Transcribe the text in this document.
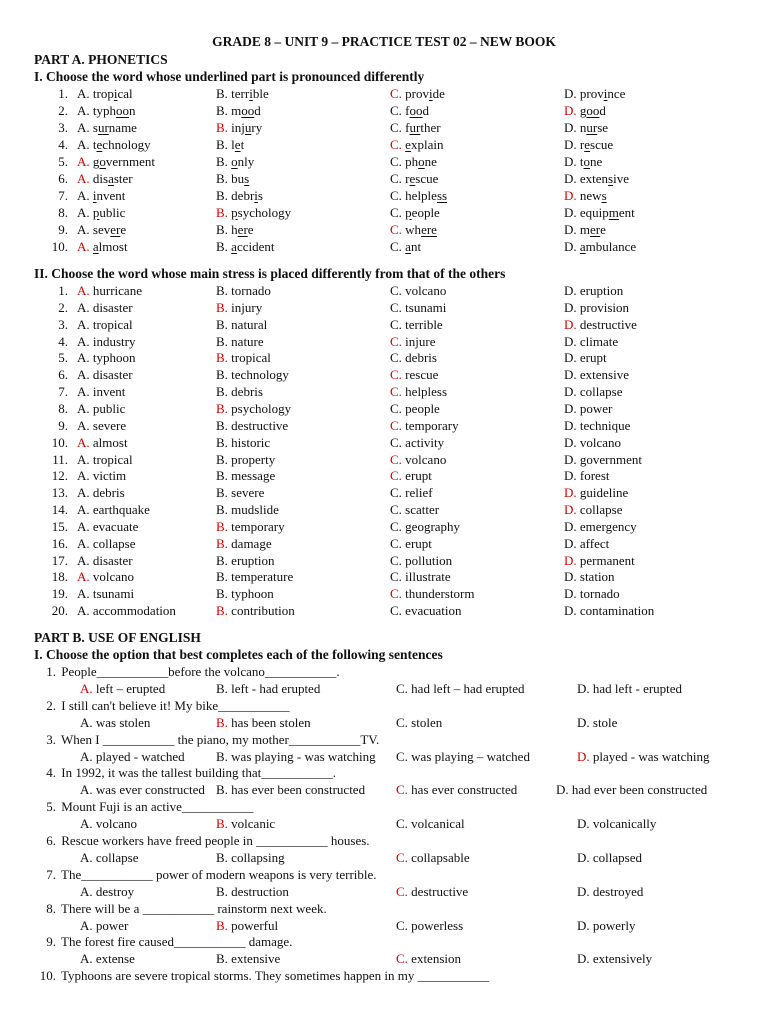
GRADE 8 – UNIT 9 – PRACTICE TEST 02 – NEW BOOK
PART A. PHONETICS
I. Choose the word whose underlined part is pronounced differently
1. A. tropical	B. terrible	C. provide	D. province
2. A. typhoon	B. mood	C. food	D. good
3. A. surname	B. injury	C. further	D. nurse
4. A. technology	B. let	C. explain	D. rescue
5. A. government	B. only	C. phone	D. tone
6. A. disaster	B. bus	C. rescue	D. extensive
7. A. invent	B. debris	C. helpless	D. news
8. A. public	B. psychology	C. people	D. equipment
9. A. severe	B. here	C. where	D. mere
10. A. almost	B. accident	C. ant	D. ambulance
II. Choose the word whose main stress is placed differently from that of the others
1. A. hurricane	B. tornado	C. volcano	D. eruption
2. A. disaster	B. injury	C. tsunami	D. provision
3. A. tropical	B. natural	C. terrible	D. destructive
4. A. industry	B. nature	C. injure	D. climate
5. A. typhoon	B. tropical	C. debris	D. erupt
6. A. disaster	B. technology	C. rescue	D. extensive
7. A. invent	B. debris	C. helpless	D. collapse
8. A. public	B. psychology	C. people	D. power
9. A. severe	B. destructive	C. temporary	D. technique
10. A. almost	B. historic	C. activity	D. volcano
11. A. tropical	B. property	C. volcano	D. government
12. A. victim	B. message	C. erupt	D. forest
13. A. debris	B. severe	C. relief	D. guideline
14. A. earthquake	B. mudslide	C. scatter	D. collapse
15. A. evacuate	B. temporary	C. geography	D. emergency
16. A. collapse	B. damage	C. erupt	D. affect
17. A. disaster	B. eruption	C. pollution	D. permanent
18. A. volcano	B. temperature	C. illustrate	D. station
19. A. tsunami	B. typhoon	C. thunderstorm	D. tornado
20. A. accommodation	B. contribution	C. evacuation	D. contamination
PART B. USE OF ENGLISH
I. Choose the option that best completes each of the following sentences
1. People___________before the volcano___________.
A. left – erupted	B. left - had erupted	C. had left – had erupted	D. had left - erupted
2. I still can't believe it! My bike___________
A. was stolen	B. has been stolen	C. stolen	D. stole
3. When I ___________ the piano, my mother___________TV.
A. played - watched B. was playing - was watching C. was playing – watched	D. played - was watching
4. In 1992, it was the tallest building that___________.
A. was ever constructed B. has ever been constructed C. has ever constructed	D. had ever been constructed
5. Mount Fuji is an active___________
A. volcano	B. volcanic	C. volcanical	D. volcanically
6. Rescue workers have freed people in ___________ houses.
A. collapse	B. collapsing	C. collapsable	D. collapsed
7. The___________ power of modern weapons is very terrible.
A. destroy	B. destruction	C. destructive	D. destroyed
8. There will be a ___________ rainstorm next week.
A. power	B. powerful	C. powerless	D. powerly
9. The forest fire caused___________ damage.
A. extense	B. extensive	C. extension	D. extensively
10. Typhoons are severe tropical storms. They sometimes happen in my ___________
